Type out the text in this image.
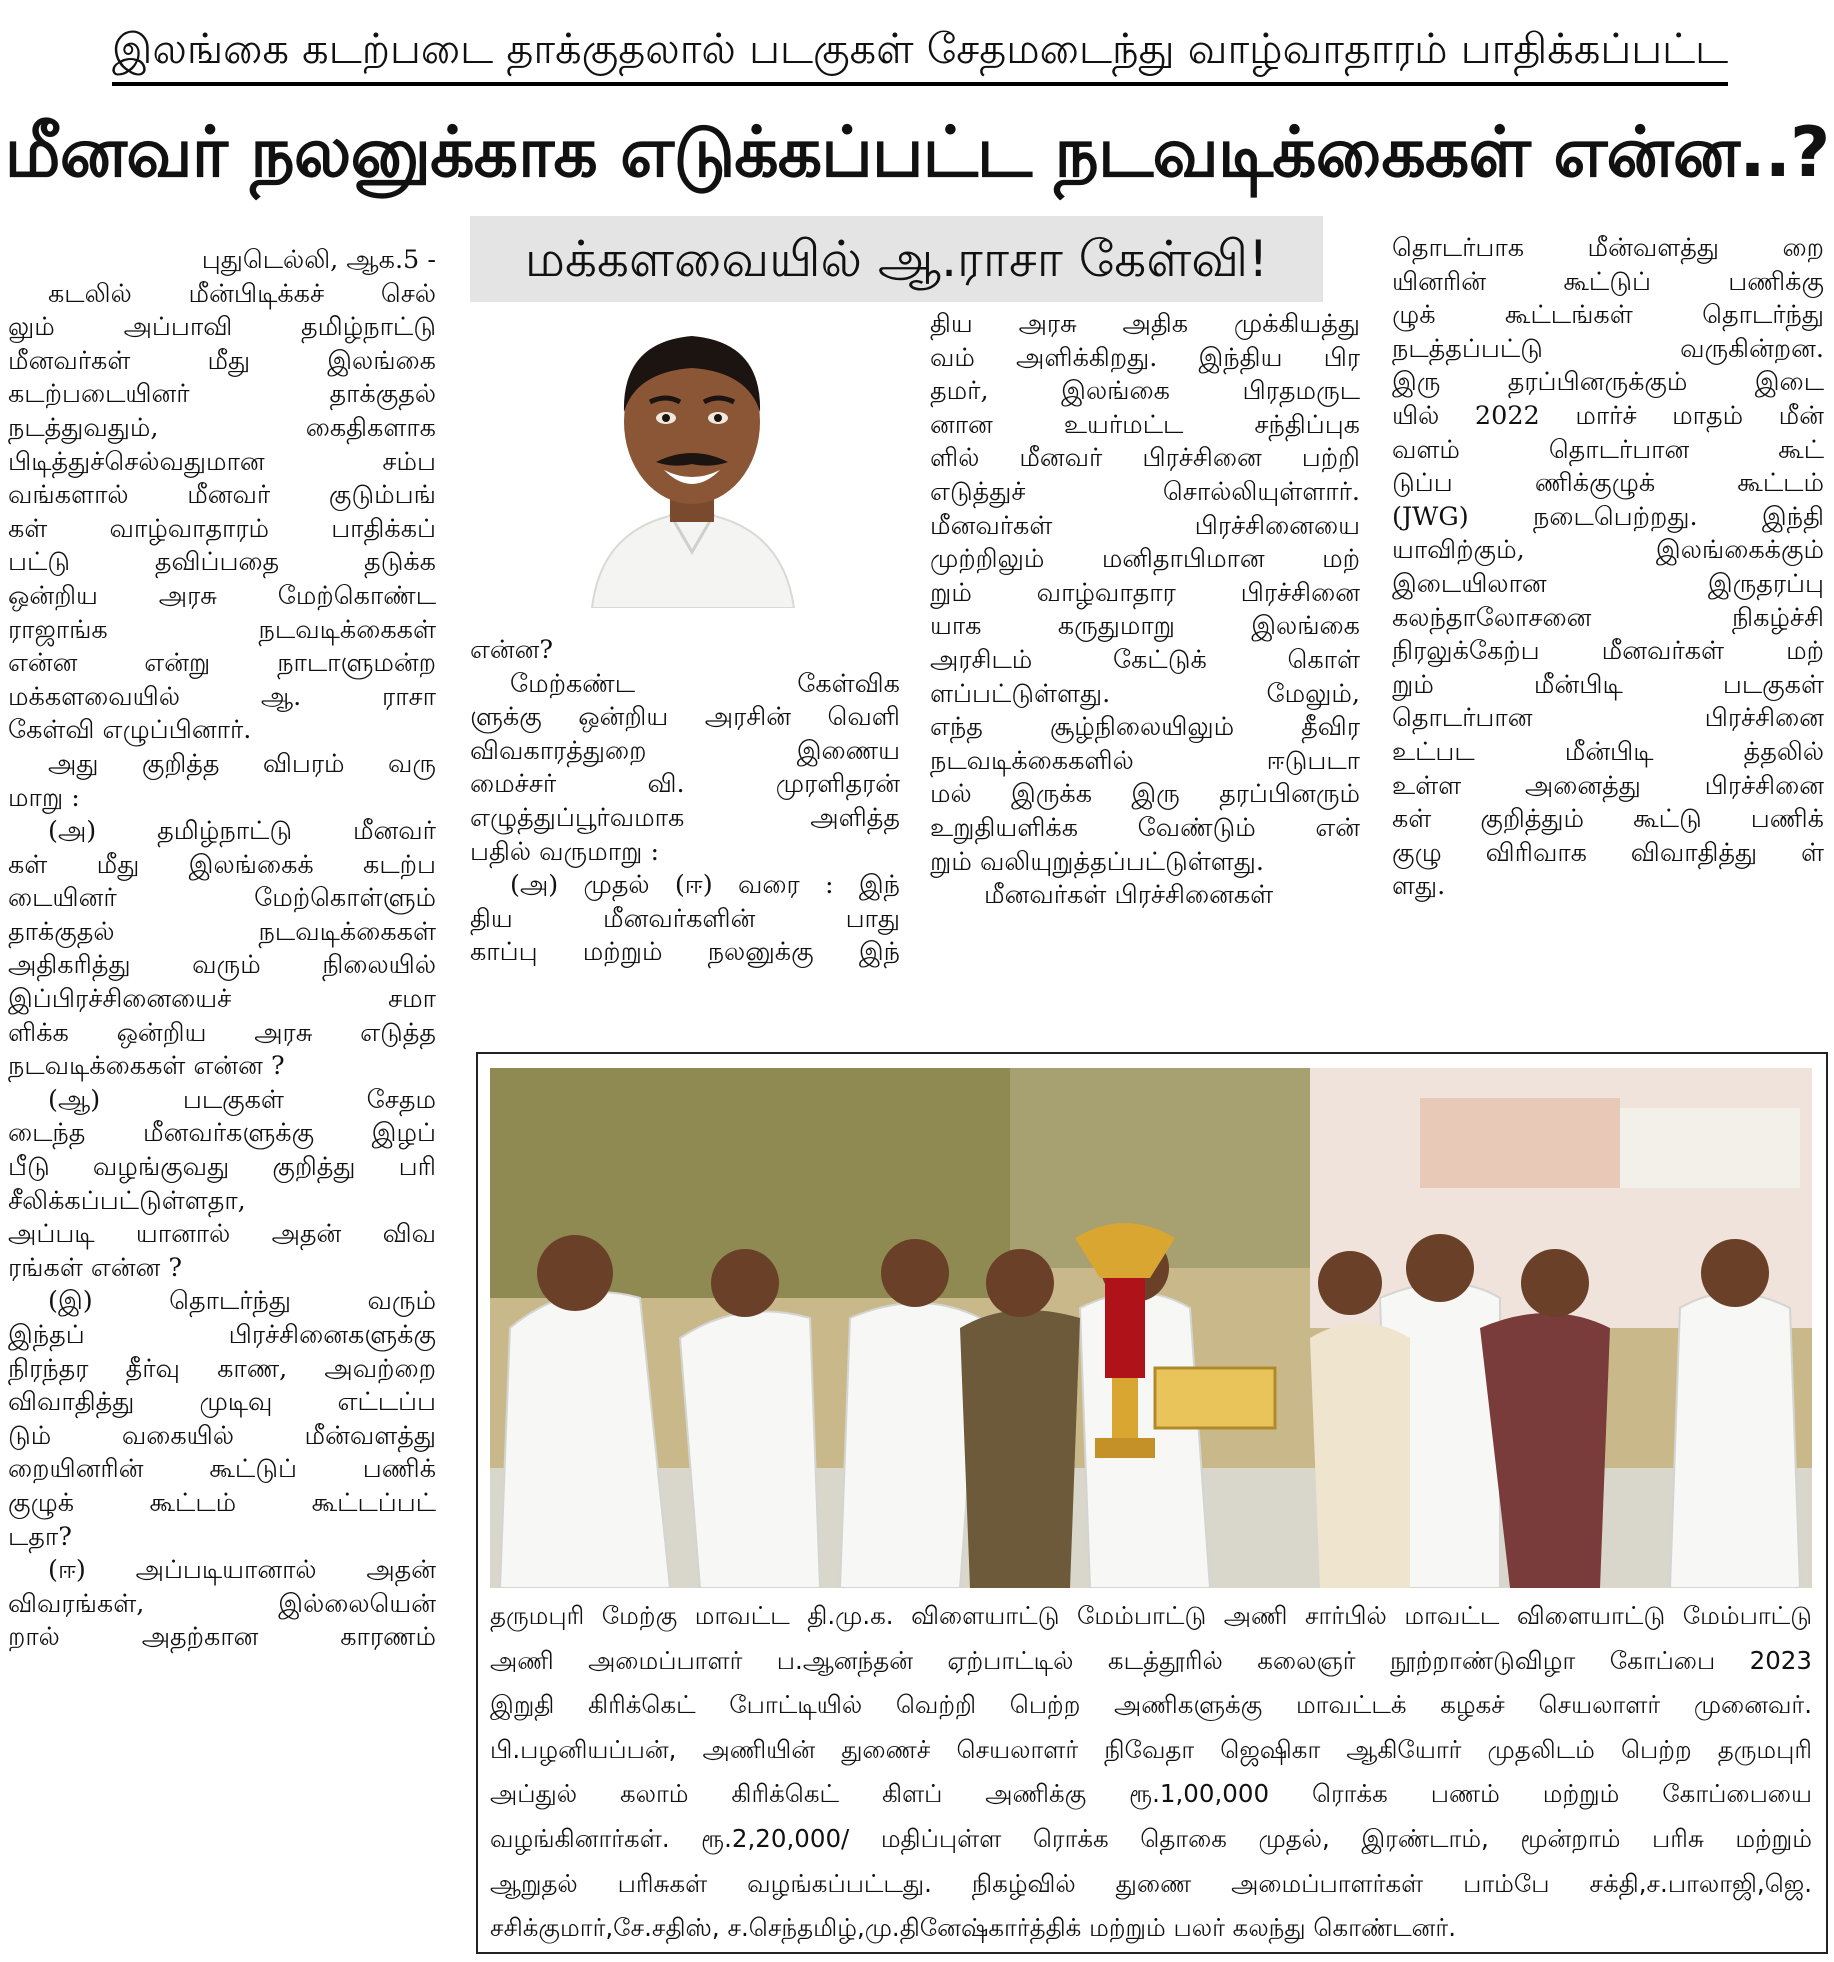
இலங்கை கடற்படை தாக்குதலால் படகுகள் சேதமடைந்து வாழ்வாதாரம் பாதிக்கப்பட்ட
மீனவர் நலனுக்காக எடுக்கப்பட்ட நடவடிக்கைகள் என்ன..?
மக்களவையில் ஆ.ராசா கேள்வி!
புதுடெல்லி, ஆக.5 -
கடலில் மீன்பிடிக்கச் செல்
லும் அப்பாவி தமிழ்நாட்டு
மீனவர்கள் மீது இலங்கை
கடற்படையினர் தாக்குதல்
நடத்துவதும், கைதிகளாக
பிடித்துச்செல்வதுமான சம்ப
வங்களால் மீனவர் குடும்பங்
கள் வாழ்வாதாரம் பாதிக்கப்
பட்டு தவிப்பதை தடுக்க
ஒன்றிய அரசு மேற்கொண்ட
ராஜாங்க நடவடிக்கைகள்
என்ன என்று நாடாளுமன்ற
மக்களவையில் ஆ. ராசா
கேள்வி எழுப்பினார்.
அது குறித்த விபரம் வரு
மாறு :
(அ) தமிழ்நாட்டு மீனவர்
கள் மீது இலங்கைக் கடற்ப
டையினர் மேற்கொள்ளும்
தாக்குதல் நடவடிக்கைகள்
அதிகரித்து வரும் நிலையில்
இப்பிரச்சினையைச் சமா
ளிக்க ஒன்றிய அரசு எடுத்த
நடவடிக்கைகள் என்ன ?
(ஆ) படகுகள் சேதம
டைந்த மீனவர்களுக்கு இழப்
பீடு வழங்குவது குறித்து பரி
சீலிக்கப்பட்டுள்ளதா,
அப்படி யானால் அதன் விவ
ரங்கள் என்ன ?
(இ) தொடர்ந்து வரும்
இந்தப் பிரச்சினைகளுக்கு
நிரந்தர தீர்வு காண, அவற்றை
விவாதித்து முடிவு எட்டப்ப
டும் வகையில் மீன்வளத்து
றையினரின் கூட்டுப் பணிக்
குழுக் கூட்டம் கூட்டப்பட்
டதா?
(ஈ) அப்படியானால் அதன்
விவரங்கள், இல்லையென்
றால் அதற்கான காரணம்
என்ன?
மேற்கண்ட கேள்விக
ளுக்கு ஒன்றிய அரசின் வெளி
விவகாரத்துறை இணைய
மைச்சர் வி. முரளிதரன்
எழுத்துப்பூர்வமாக அளித்த
பதில் வருமாறு :
(அ) முதல் (ஈ) வரை : இந்
திய மீனவர்களின் பாது
காப்பு மற்றும் நலனுக்கு இந்
திய அரசு அதிக முக்கியத்து
வம் அளிக்கிறது. இந்திய பிர
தமர், இலங்கை பிரதமருட
னான உயர்மட்ட சந்திப்புக
ளில் மீனவர் பிரச்சினை பற்றி
எடுத்துச் சொல்லியுள்ளார்.
மீனவர்கள் பிரச்சினையை
முற்றிலும் மனிதாபிமான மற்
றும் வாழ்வாதார பிரச்சினை
யாக கருதுமாறு இலங்கை
அரசிடம் கேட்டுக் கொள்
ளப்பட்டுள்ளது. மேலும்,
எந்த சூழ்நிலையிலும் தீவிர
நடவடிக்கைகளில் ஈடுபடா
மல் இருக்க இரு தரப்பினரும்
உறுதியளிக்க வேண்டும் என்
றும் வலியுறுத்தப்பட்டுள்ளது.
மீனவர்கள் பிரச்சினைகள்
தொடர்பாக மீன்வளத்து றை
யினரின் கூட்டுப் பணிக்கு
ழுக் கூட்டங்கள் தொடர்ந்து
நடத்தப்பட்டு வருகின்றன.
இரு தரப்பினருக்கும் இடை
யில் 2022 மார்ச் மாதம் மீன்
வளம் தொடர்பான கூட்
டுப்ப ணிக்குழுக் கூட்டம்
(JWG) நடைபெற்றது. இந்தி
யாவிற்கும், இலங்கைக்கும்
இடையிலான இருதரப்பு
கலந்தாலோசனை நிகழ்ச்சி
நிரலுக்கேற்ப மீனவர்கள் மற்
றும் மீன்பிடி படகுகள்
தொடர்பான பிரச்சினை
உட்பட மீன்பிடி த்தலில்
உள்ள அனைத்து பிரச்சினை
கள் குறித்தும் கூட்டு பணிக்
குழு விரிவாக விவாதித்து ள்
ளது.
தருமபுரி மேற்கு மாவட்ட தி.மு.க. விளையாட்டு மேம்பாட்டு அணி சார்பில் மாவட்ட விளையாட்டு மேம்பாட்டு
அணி அமைப்பாளர் ப.ஆனந்தன் ஏற்பாட்டில் கடத்தூரில் கலைஞர் நூற்றாண்டுவிழா கோப்பை 2023
இறுதி கிரிக்கெட் போட்டியில் வெற்றி பெற்ற அணிகளுக்கு மாவட்டக் கழகச் செயலாளர் முனைவர்.
பி.பழனியப்பன், அணியின் துணைச் செயலாளர் நிவேதா ஜெஷிகா ஆகியோர் முதலிடம் பெற்ற தருமபுரி
அப்துல் கலாம் கிரிக்கெட் கிளப் அணிக்கு ரூ.1,00,000 ரொக்க பணம் மற்றும் கோப்பையை
வழங்கினார்கள். ரூ.2,20,000/ மதிப்புள்ள ரொக்க தொகை முதல், இரண்டாம், மூன்றாம் பரிசு மற்றும்
ஆறுதல் பரிசுகள் வழங்கப்பட்டது. நிகழ்வில் துணை அமைப்பாளர்கள் பாம்பே சக்தி,ச.பாலாஜி,ஜெ.
சசிக்குமார்,சே.சதிஸ், ச.செந்தமிழ்,மு.தினேஷ்கார்த்திக் மற்றும் பலர் கலந்து கொண்டனர்.
